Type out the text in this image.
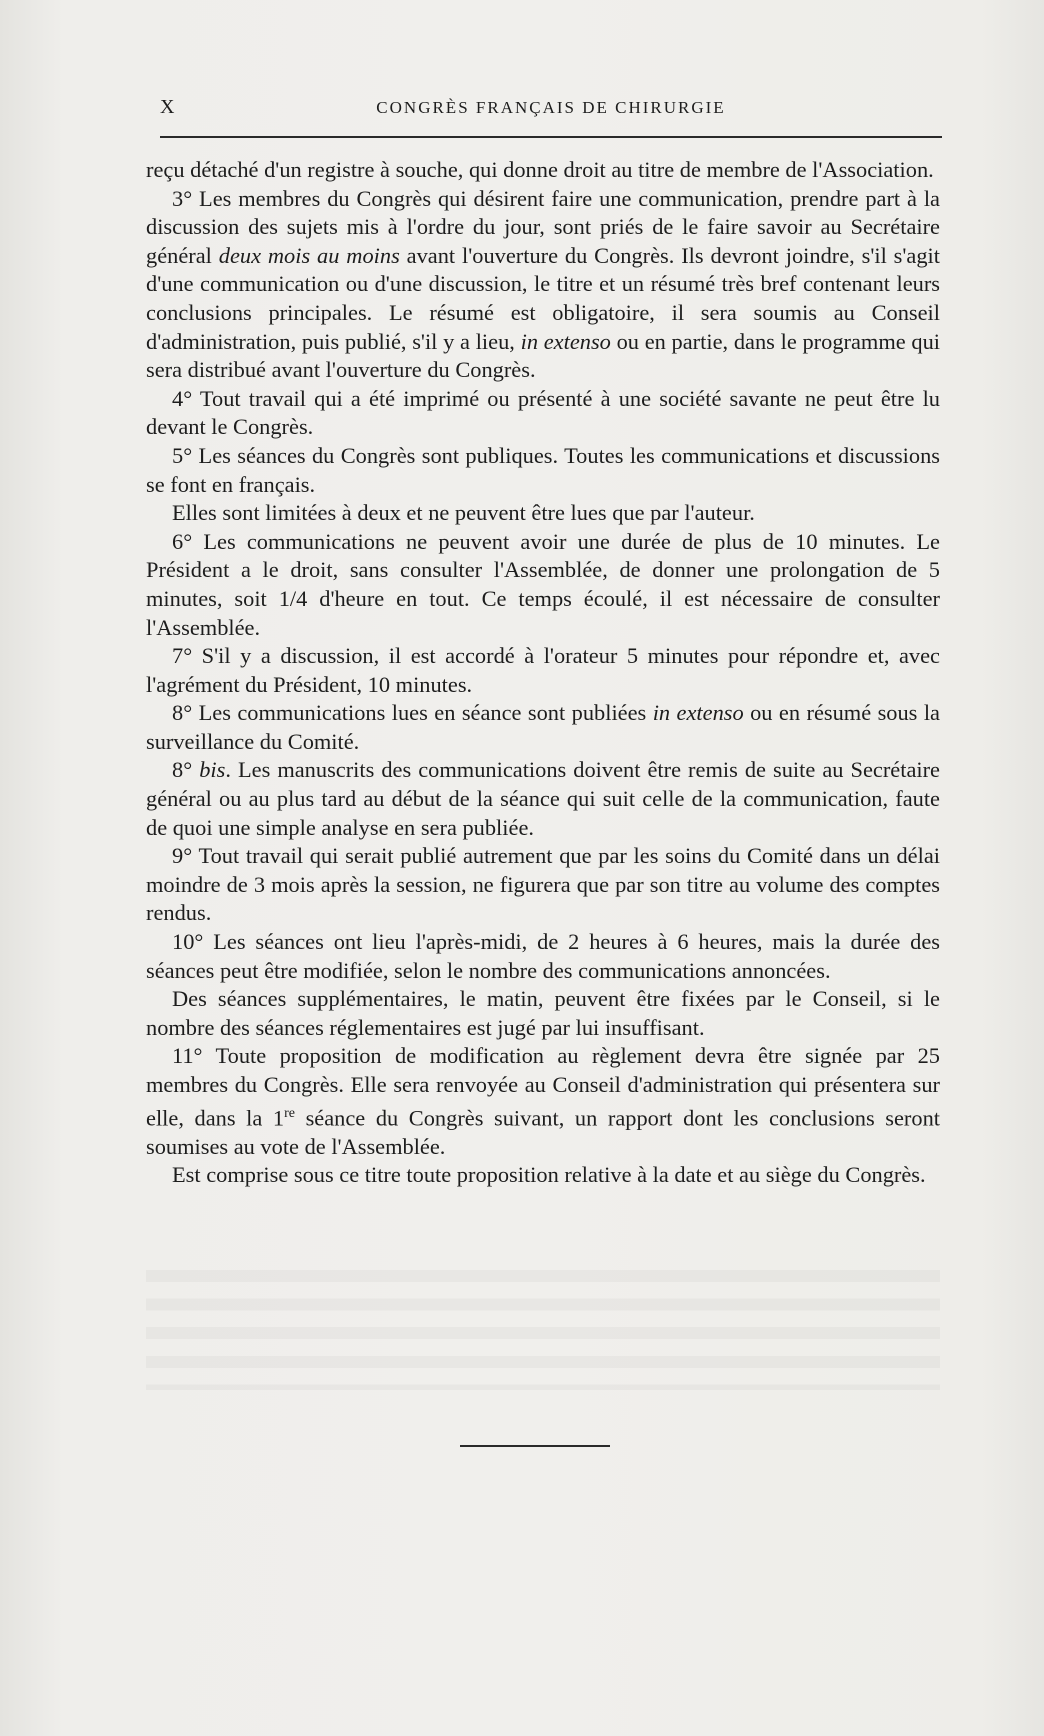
X	CONGRÈS FRANÇAIS DE CHIRURGIE

reçu détaché d'un registre à souche, qui donne droit au titre de membre de l'Association.

3° Les membres du Congrès qui désirent faire une communication, prendre part à la discussion des sujets mis à l'ordre du jour, sont priés de le faire savoir au Secrétaire général deux mois au moins avant l'ouverture du Congrès. Ils devront joindre, s'il s'agit d'une communication ou d'une discussion, le titre et un résumé très bref contenant leurs conclusions principales. Le résumé est obligatoire, il sera soumis au Conseil d'administration, puis publié, s'il y a lieu, in extenso ou en partie, dans le programme qui sera distribué avant l'ouverture du Congrès.

4° Tout travail qui a été imprimé ou présenté à une société savante ne peut être lu devant le Congrès.

5° Les séances du Congrès sont publiques. Toutes les communications et discussions se font en français.

Elles sont limitées à deux et ne peuvent être lues que par l'auteur.

6° Les communications ne peuvent avoir une durée de plus de 10 minutes. Le Président a le droit, sans consulter l'Assemblée, de donner une prolongation de 5 minutes, soit 1/4 d'heure en tout. Ce temps écoulé, il est nécessaire de consulter l'Assemblée.

7° S'il y a discussion, il est accordé à l'orateur 5 minutes pour répondre et, avec l'agrément du Président, 10 minutes.

8° Les communications lues en séance sont publiées in extenso ou en résumé sous la surveillance du Comité.

8° bis. Les manuscrits des communications doivent être remis de suite au Secrétaire général ou au plus tard au début de la séance qui suit celle de la communication, faute de quoi une simple analyse en sera publiée.

9° Tout travail qui serait publié autrement que par les soins du Comité dans un délai moindre de 3 mois après la session, ne figurera que par son titre au volume des comptes rendus.

10° Les séances ont lieu l'après-midi, de 2 heures à 6 heures, mais la durée des séances peut être modifiée, selon le nombre des communications annoncées.

Des séances supplémentaires, le matin, peuvent être fixées par le Conseil, si le nombre des séances réglementaires est jugé par lui insuffisant.

11° Toute proposition de modification au règlement devra être signée par 25 membres du Congrès. Elle sera renvoyée au Conseil d'administration qui présentera sur elle, dans la 1re séance du Congrès suivant, un rapport dont les conclusions seront soumises au vote de l'Assemblée.

Est comprise sous ce titre toute proposition relative à la date et au siège du Congrès.
